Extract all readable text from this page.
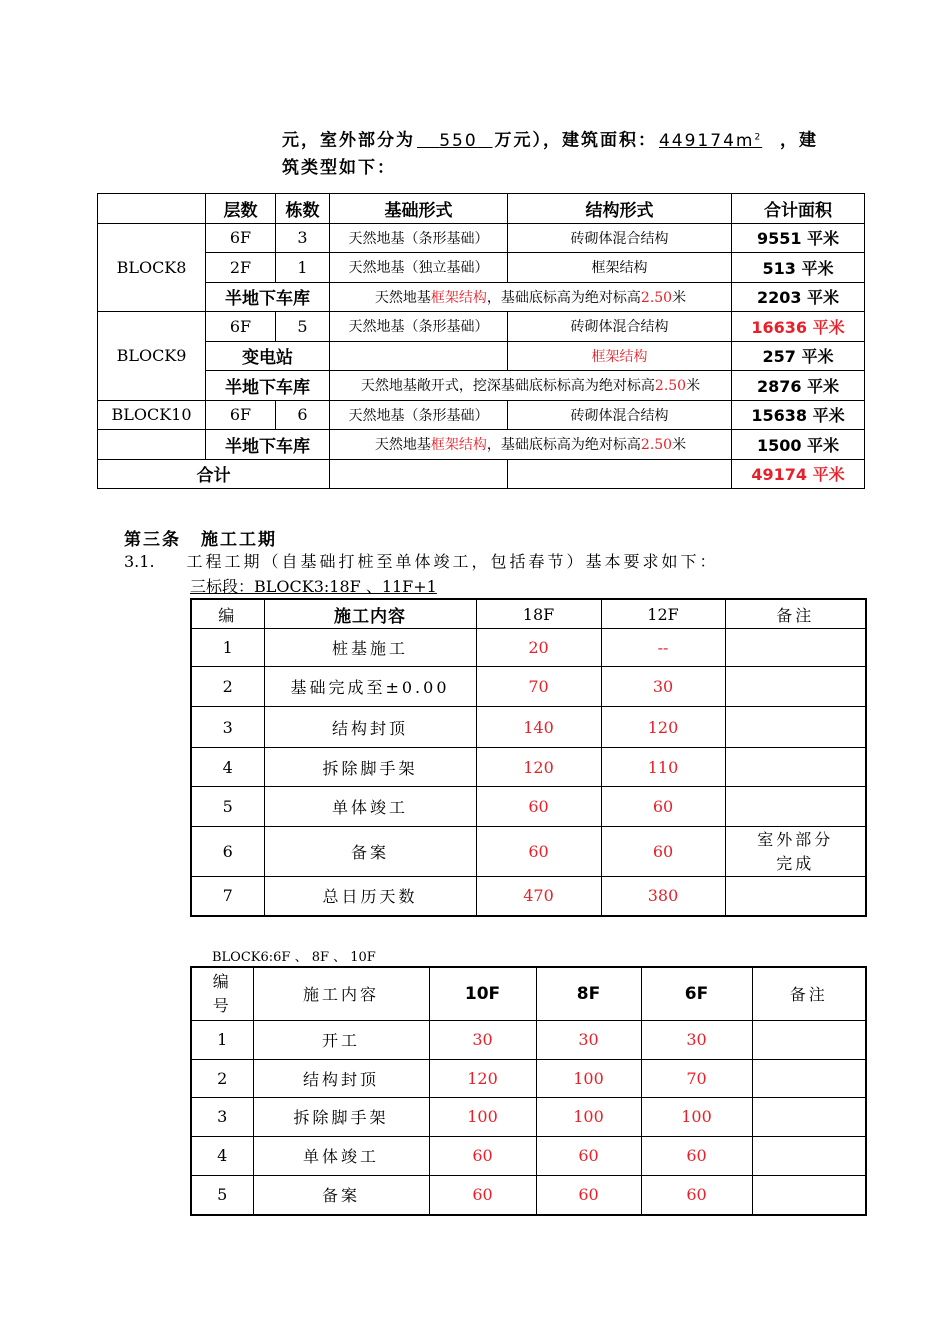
元，室外部分为 550 万元），建筑面积： $449174m^2$ ，建
筑类型如下：
	层数	栋数	基础形式	结构形式	合计面积
BLOCK8	6F	3	天然地基（条形基础）	砖砌体混合结构	9551 平米
	2F	1	天然地基（独立基础）	框架结构	513 平米
	半地下车库		天然地基框架结构，基础底标高为绝对标高2.50米		2203 平米
BLOCK9	6F	5	天然地基（条形基础）	砖砌体混合结构	16636 平米
	变电站			框架结构	257 平米
	半地下车库		天然地基敞开式，挖深基础底标标高为绝对标高2.50米		2876 平米
BLOCK10	6F	6	天然地基（条形基础）	砖砌体混合结构	15638 平米
	半地下车库		天然地基框架结构，基础底标高为绝对标高2.50米		1500 平米
合计					49174 平米
第三条 施工工期
3.1. 工程工期（自基础打桩至单体竣工，包括春节）基本要求如下：
三标段：BLOCK3:18F 、11F+1
编	施工内容	18F	12F	备注
1	桩基施工	20	--	
2	基础完成至±0.00	70	30	
3	结构封顶	140	120	
4	拆除脚手架	120	110	
5	单体竣工	60	60	
6	备案	60	60	室外部分
完成

7	总日历天数	470	380	
BLOCK6:6F 、 8F 、 10F
编
号	施工内容	10F	8F	6F	备注
1	开工	30	30	30	
2	结构封顶	120	100	70	
3	拆除脚手架	100	100	100	
4	单体竣工	60	60	60	
5	备案	60	60	60	
